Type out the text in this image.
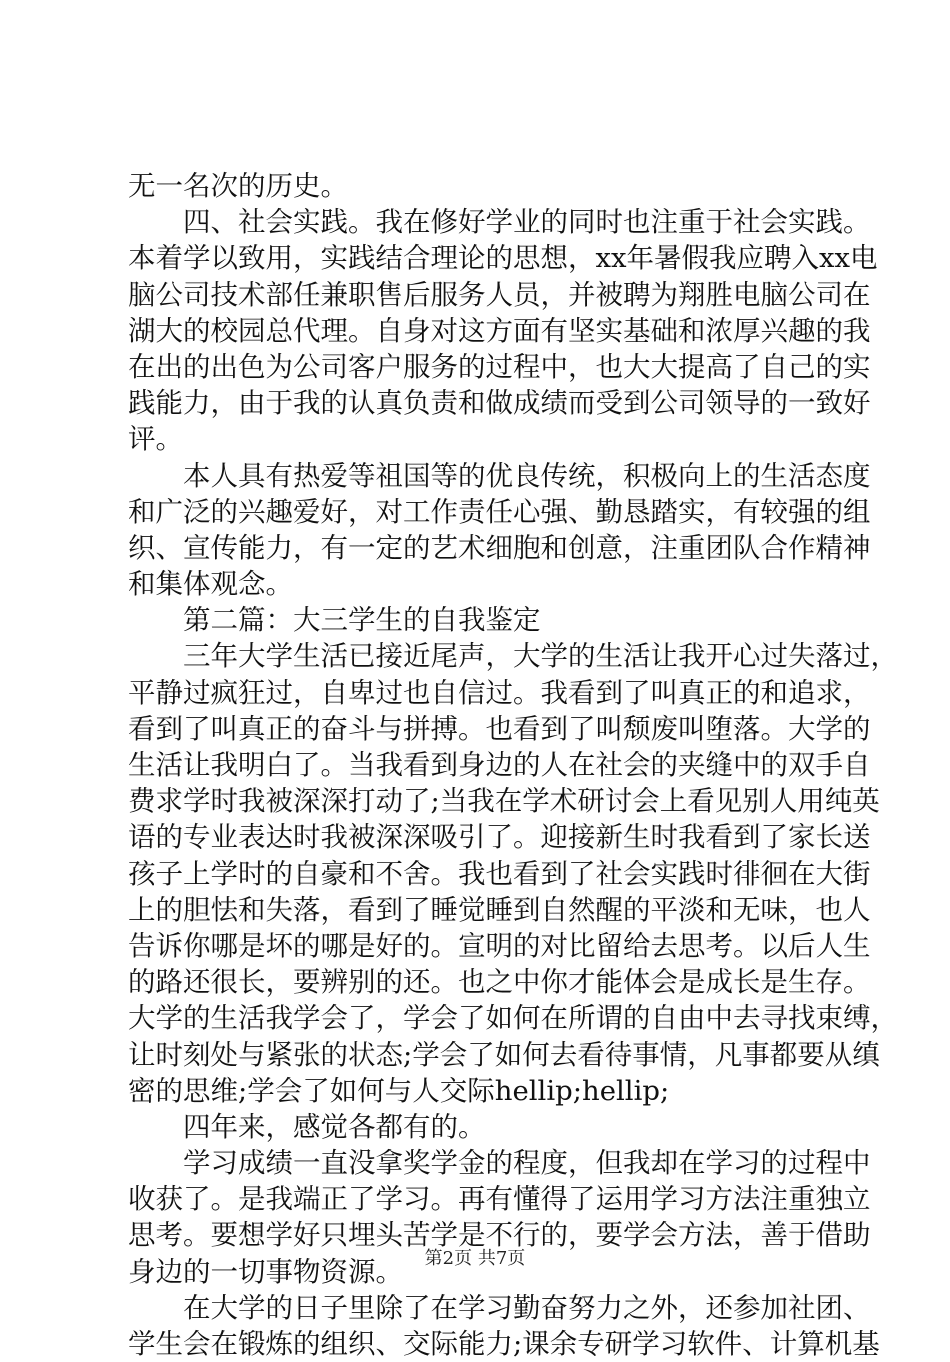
无一名次的历史。
四、社会实践。我在修好学业的同时也注重于社会实践。
本着学以致用，实践结合理论的思想，xx年暑假我应聘入xx电
脑公司技术部任兼职售后服务人员，并被聘为翔胜电脑公司在
湖大的校园总代理。自身对这方面有坚实基础和浓厚兴趣的我
在出的出色为公司客户服务的过程中，也大大提高了自己的实
践能力，由于我的认真负责和做成绩而受到公司领导的一致好
评。
本人具有热爱等祖国等的优良传统，积极向上的生活态度
和广泛的兴趣爱好，对工作责任心强、勤恳踏实，有较强的组
织、宣传能力，有一定的艺术细胞和创意，注重团队合作精神
和集体观念。
第二篇：大三学生的自我鉴定
三年大学生活已接近尾声，大学的生活让我开心过失落过，
平静过疯狂过，自卑过也自信过。我看到了叫真正的和追求，
看到了叫真正的奋斗与拼搏。也看到了叫颓废叫堕落。大学的
生活让我明白了。当我看到身边的人在社会的夹缝中的双手自
费求学时我被深深打动了;当我在学术研讨会上看见别人用纯英
语的专业表达时我被深深吸引了。迎接新生时我看到了家长送
孩子上学时的自豪和不舍。我也看到了社会实践时徘徊在大街
上的胆怯和失落，看到了睡觉睡到自然醒的平淡和无味，也人
告诉你哪是坏的哪是好的。宣明的对比留给去思考。以后人生
的路还很长，要辨别的还。也之中你才能体会是成长是生存。
大学的生活我学会了，学会了如何在所谓的自由中去寻找束缚，
让时刻处与紧张的状态;学会了如何去看待事情，凡事都要从缜
密的思维;学会了如何与人交际hellip;hellip;
四年来，感觉各都有的。
学习成绩一直没拿奖学金的程度，但我却在学习的过程中
收获了。是我端正了学习。再有懂得了运用学习方法注重独立
思考。要想学好只埋头苦学是不行的，要学会方法，善于借助
身边的一切事物资源。
在大学的日子里除了在学习勤奋努力之外，还参加社团、
学生会在锻炼的组织、交际能力;课余专研学习软件、计算机基
第2页 共7页
